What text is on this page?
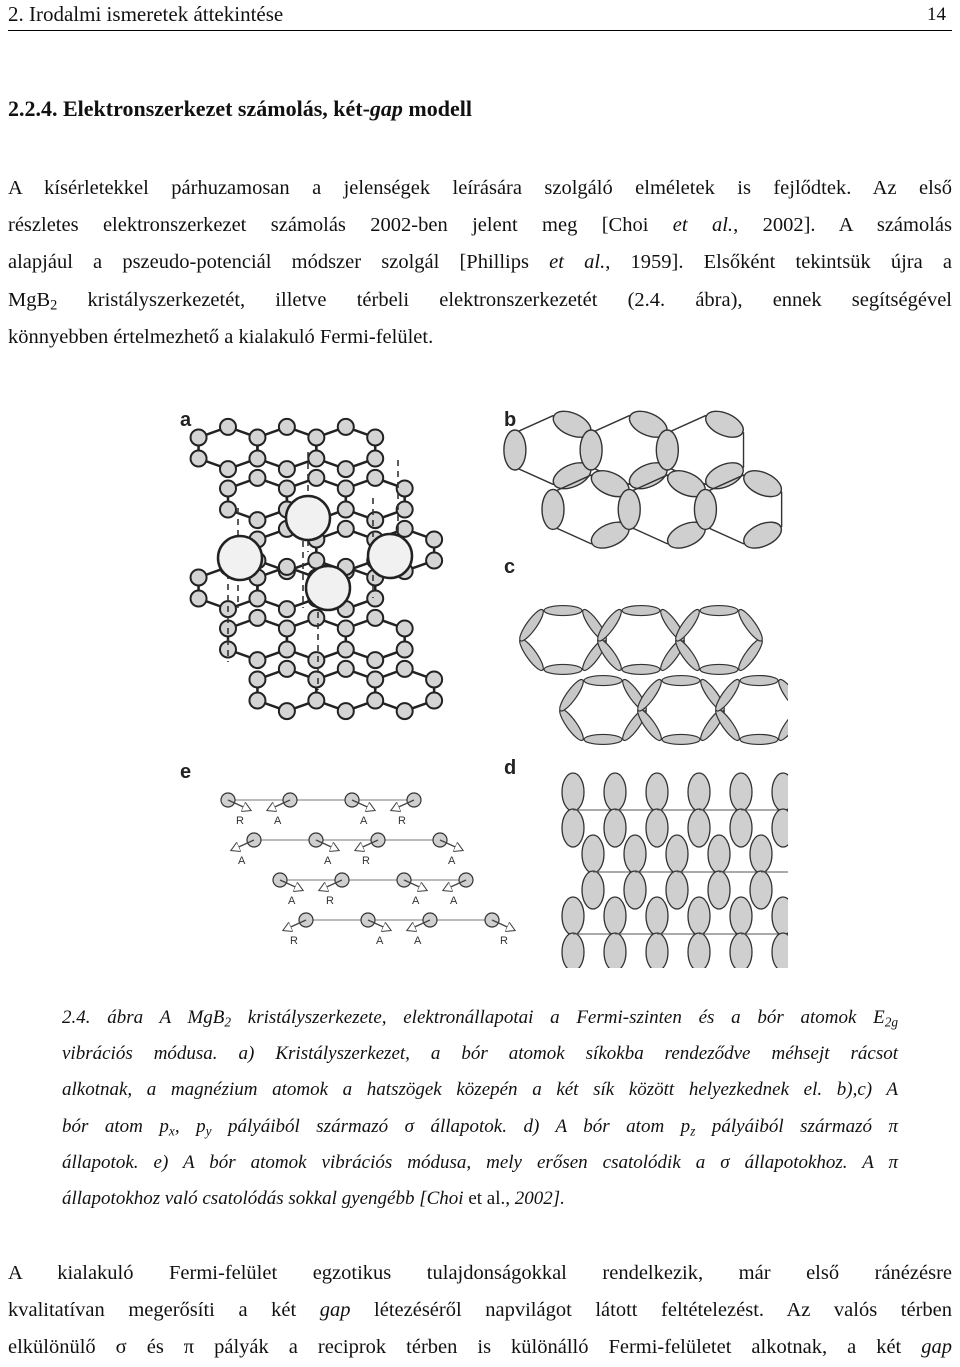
2. Irodalmi ismeretek áttekintése	14
2.2.4. Elektronszerkezet számolás, két-gap modell
A kísérletekkel párhuzamosan a jelenségek leírására szolgáló elméletek is fejlődtek. Az első
részletes elektronszerkezet számolás 2002-ben jelent meg [Choi et al., 2002]. A számolás
alapjául a pszeudo-potenciál módszer szolgál [Phillips et al., 1959]. Elsőként tekintsük újra a
MgB$_2$ kristályszerkezetét, illetve térbeli elektronszerkezetét (2.4. ábra), ennek segítségével
könnyebben értelmezhető a kialakuló Fermi-felület.
a	b
c
d
e
R	A	A	R
A	A	R	A
A	R	A	A
R	A	A	R
2.4. ábra A MgB$_2$ kristályszerkezete, elektronállapotai a Fermi-szinten és a bór atomok $E_{2g}$
vibrációs módusa. a) Kristályszerkezet, a bór atomok síkokba rendeződve méhsejt rácsot
alkotnak, a magnézium atomok a hatszögek közepén a két sík között helyezkednek el. b),c) A
bór atom $p_x$, $p_y$ pályáiból származó σ állapotok. d) A bór atom $p_z$ pályáiból származó π
állapotok. e) A bór atomok vibrációs módusa, mely erősen csatolódik a σ állapotokhoz. A π
állapotokhoz való csatolódás sokkal gyengébb [Choi et al., 2002].
A kialakuló Fermi-felület egzotikus tulajdonságokkal rendelkezik, már első ránézésre
kvalitatívan megerősíti a két gap létezéséről napvilágot látott feltételezést. Az valós térben
elkülönülő σ és π pályák a reciprok térben is különálló Fermi-felületet alkotnak, a két gap
